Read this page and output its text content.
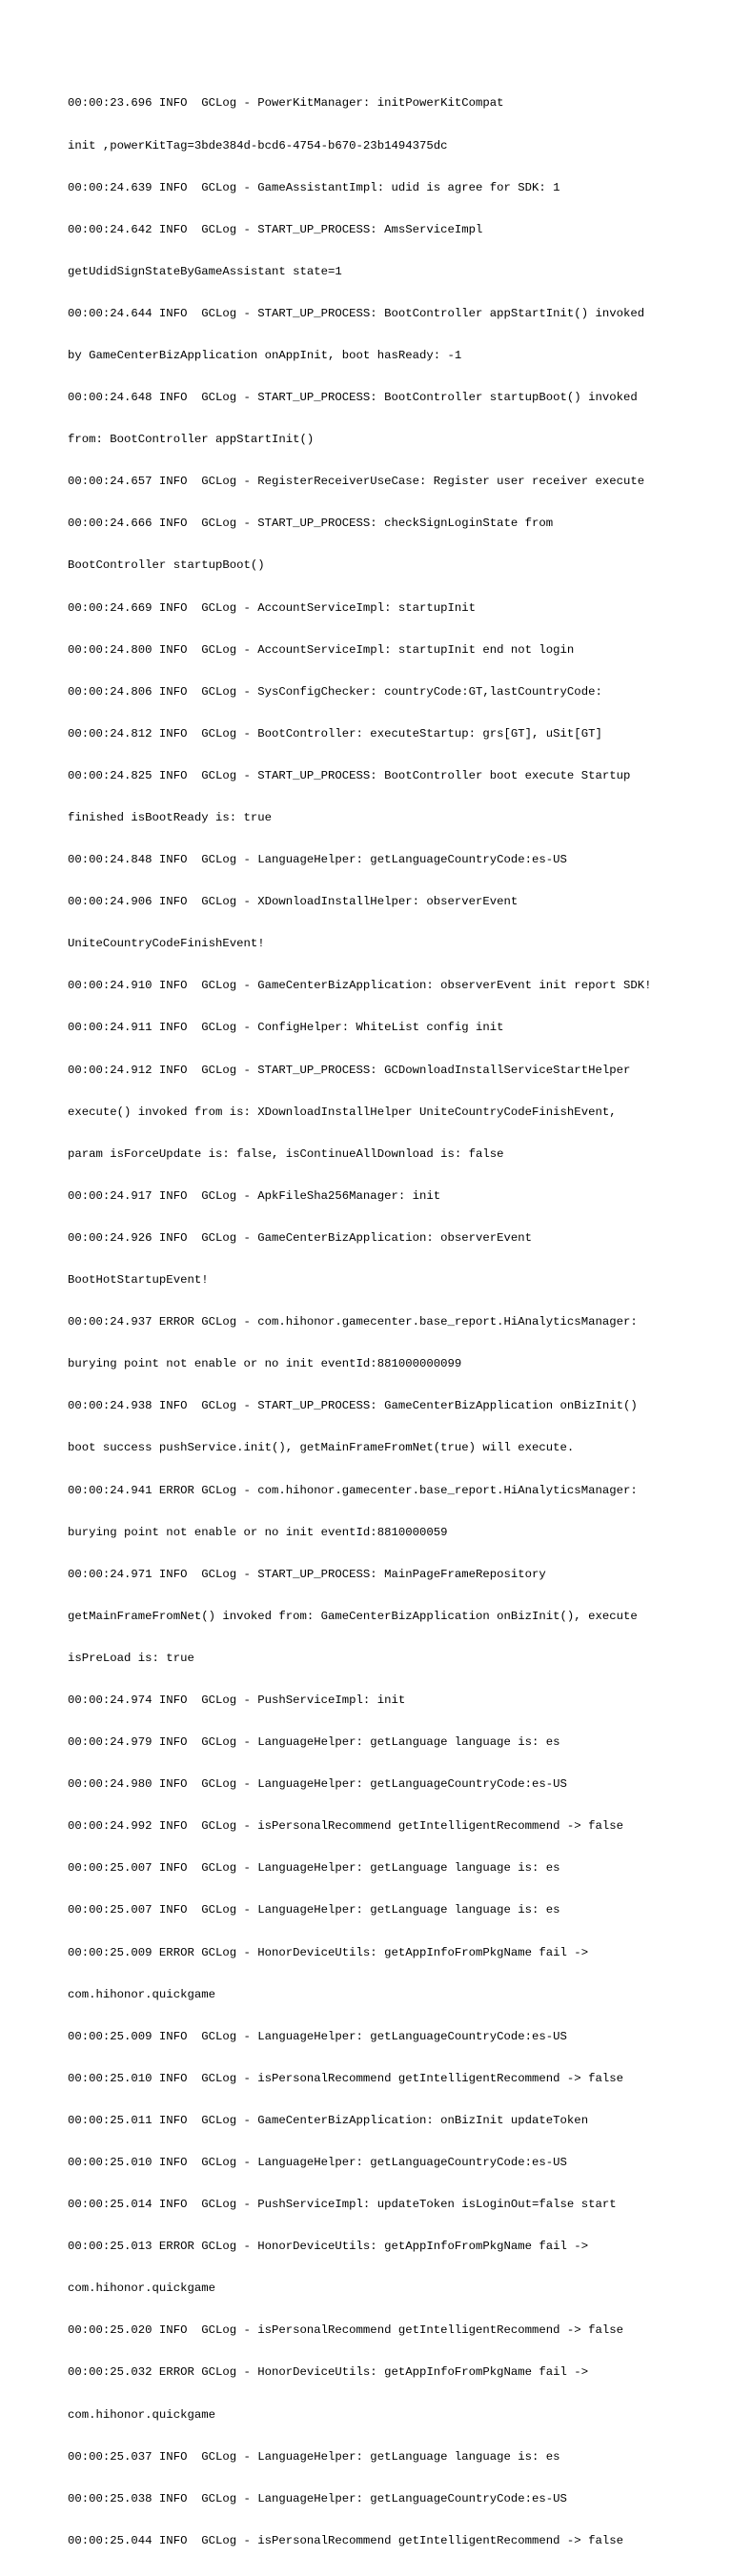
00:00:23.696 INFO  GCLog - PowerKitManager: initPowerKitCompat

init ,powerKitTag=3bde384d-bcd6-4754-b670-23b1494375dc

00:00:24.639 INFO  GCLog - GameAssistantImpl: udid is agree for SDK: 1

00:00:24.642 INFO  GCLog - START_UP_PROCESS: AmsServiceImpl

getUdidSignStateByGameAssistant state=1

00:00:24.644 INFO  GCLog - START_UP_PROCESS: BootController appStartInit() invoked

by GameCenterBizApplication onAppInit, boot hasReady: -1

00:00:24.648 INFO  GCLog - START_UP_PROCESS: BootController startupBoot() invoked

from: BootController appStartInit()

00:00:24.657 INFO  GCLog - RegisterReceiverUseCase: Register user receiver execute

00:00:24.666 INFO  GCLog - START_UP_PROCESS: checkSignLoginState from

BootController startupBoot()

00:00:24.669 INFO  GCLog - AccountServiceImpl: startupInit

00:00:24.800 INFO  GCLog - AccountServiceImpl: startupInit end not login

00:00:24.806 INFO  GCLog - SysConfigChecker: countryCode:GT,lastCountryCode:

00:00:24.812 INFO  GCLog - BootController: executeStartup: grs[GT], uSit[GT]

00:00:24.825 INFO  GCLog - START_UP_PROCESS: BootController boot execute Startup

finished isBootReady is: true

00:00:24.848 INFO  GCLog - LanguageHelper: getLanguageCountryCode:es-US

00:00:24.906 INFO  GCLog - XDownloadInstallHelper: observerEvent

UniteCountryCodeFinishEvent!

00:00:24.910 INFO  GCLog - GameCenterBizApplication: observerEvent init report SDK!

00:00:24.911 INFO  GCLog - ConfigHelper: WhiteList config init

00:00:24.912 INFO  GCLog - START_UP_PROCESS: GCDownloadInstallServiceStartHelper

execute() invoked from is: XDownloadInstallHelper UniteCountryCodeFinishEvent,

param isForceUpdate is: false, isContinueAllDownload is: false

00:00:24.917 INFO  GCLog - ApkFileSha256Manager: init

00:00:24.926 INFO  GCLog - GameCenterBizApplication: observerEvent

BootHotStartupEvent!

00:00:24.937 ERROR GCLog - com.hihonor.gamecenter.base_report.HiAnalyticsManager:

burying point not enable or no init eventId:881000000099

00:00:24.938 INFO  GCLog - START_UP_PROCESS: GameCenterBizApplication onBizInit()

boot success pushService.init(), getMainFrameFromNet(true) will execute.

00:00:24.941 ERROR GCLog - com.hihonor.gamecenter.base_report.HiAnalyticsManager:

burying point not enable or no init eventId:8810000059

00:00:24.971 INFO  GCLog - START_UP_PROCESS: MainPageFrameRepository

getMainFrameFromNet() invoked from: GameCenterBizApplication onBizInit(), execute

isPreLoad is: true

00:00:24.974 INFO  GCLog - PushServiceImpl: init

00:00:24.979 INFO  GCLog - LanguageHelper: getLanguage language is: es

00:00:24.980 INFO  GCLog - LanguageHelper: getLanguageCountryCode:es-US

00:00:24.992 INFO  GCLog - isPersonalRecommend getIntelligentRecommend -> false

00:00:25.007 INFO  GCLog - LanguageHelper: getLanguage language is: es

00:00:25.007 INFO  GCLog - LanguageHelper: getLanguage language is: es

00:00:25.009 ERROR GCLog - HonorDeviceUtils: getAppInfoFromPkgName fail ->

com.hihonor.quickgame

00:00:25.009 INFO  GCLog - LanguageHelper: getLanguageCountryCode:es-US

00:00:25.010 INFO  GCLog - isPersonalRecommend getIntelligentRecommend -> false

00:00:25.011 INFO  GCLog - GameCenterBizApplication: onBizInit updateToken

00:00:25.010 INFO  GCLog - LanguageHelper: getLanguageCountryCode:es-US

00:00:25.014 INFO  GCLog - PushServiceImpl: updateToken isLoginOut=false start

00:00:25.013 ERROR GCLog - HonorDeviceUtils: getAppInfoFromPkgName fail ->

com.hihonor.quickgame

00:00:25.020 INFO  GCLog - isPersonalRecommend getIntelligentRecommend -> false

00:00:25.032 ERROR GCLog - HonorDeviceUtils: getAppInfoFromPkgName fail ->

com.hihonor.quickgame

00:00:25.037 INFO  GCLog - LanguageHelper: getLanguage language is: es

00:00:25.038 INFO  GCLog - LanguageHelper: getLanguageCountryCode:es-US

00:00:25.044 INFO  GCLog - isPersonalRecommend getIntelligentRecommend -> false
